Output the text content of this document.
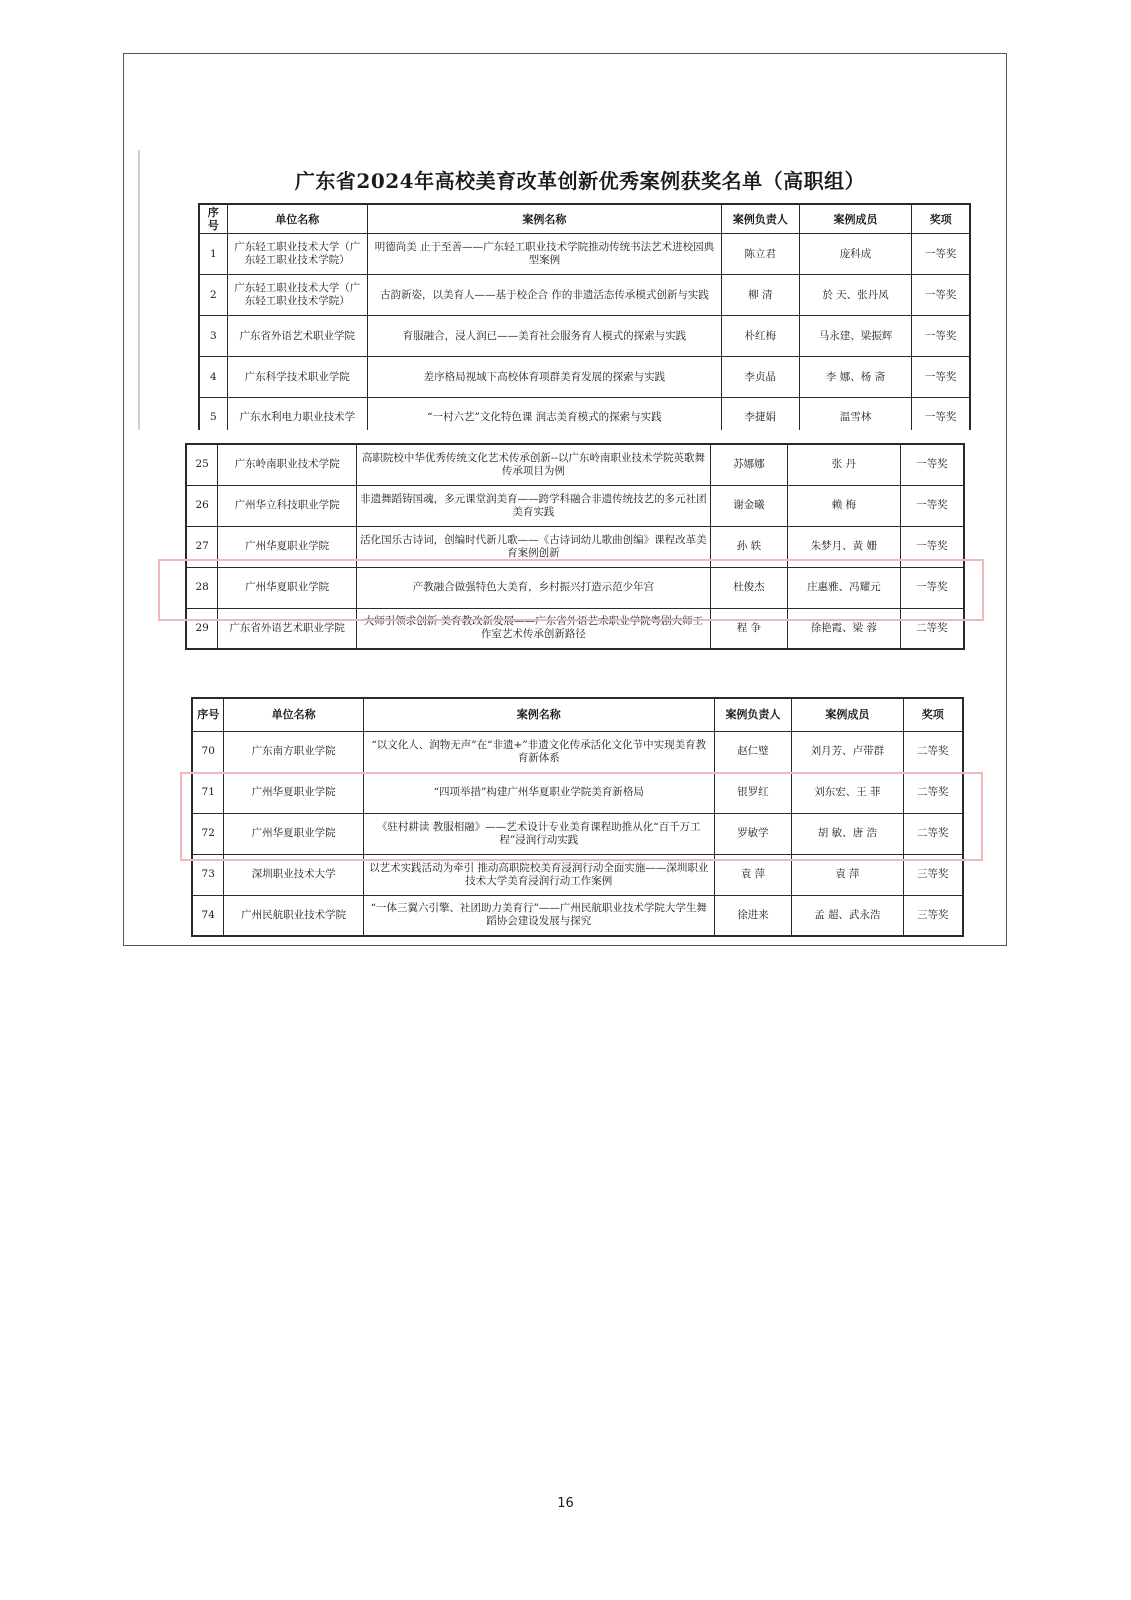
广东省2024年高校美育改革创新优秀案例获奖名单（高职组）
序号	单位名称	案例名称	案例负责人	案例成员	奖项
1	广东轻工职业技术大学（广东轻工职业技术学院）	明德尚美 止于至善——广东轻工职业技术学院推动传统书法艺术进校园典型案例	陈立君	庞科成	一等奖
2	广东轻工职业技术大学（广东轻工职业技术学院）	古韵新姿，以美育人——基于校企合 作的非遗活态传承模式创新与实践	柳 清	於 天、张丹凤	一等奖
3	广东省外语艺术职业学院	育服融合，浸人润已——美育社会服务育人模式的探索与实践	朴红梅	马永建、梁振辉	一等奖
4	广东科学技术职业学院	差序格局视域下高校体育项群美育发展的探索与实践	李贞晶	李 娜、杨 斋	一等奖
5	广东水利电力职业技术学	“一村六艺”文化特色课 润志美育模式的探索与实践	李捷娟	温雪林	一等奖
25	广东岭南职业技术学院	高职院校中华优秀传统文化艺术传承创新--以广东岭南职业技术学院英歌舞传承项目为例	苏娜娜	张 丹	一等奖
26	广州华立科技职业学院	非遗舞蹈铸国魂，多元课堂润美育——跨学科融合非遗传统技艺的多元社团美育实践	谢金曦	赖 梅	一等奖
27	广州华夏职业学院	活化国乐古诗词，创编时代新儿歌——《古诗词幼儿歌曲创编》课程改革美育案例创新	孙 轶	朱梦月、黄 姗	一等奖
28	广州华夏职业学院	产教融合做强特色大美育，乡村振兴打造示范少年宫	杜俊杰	庄惠雅、冯耀元	一等奖
29	广东省外语艺术职业学院	大师引领求创新 美育教改新发展——广东省外语艺术职业学院粤剧大师工作室艺术传承创新路径	程 争	徐艳霞、梁 蓉	二等奖
序号	单位名称	案例名称	案例负责人	案例成员	奖项
70	广东南方职业学院	“以文化人、润物无声”在“非遗+”非遗文化传承活化文化节中实现美育教育新体系	赵仁璧	刘月芳、卢带群	二等奖
71	广州华夏职业学院	“四项举措”构建广州华夏职业学院美育新格局	银罗红	刘东宏、王 菲	二等奖
72	广州华夏职业学院	《驻村耕读 教服相融》——艺术设计专业美育课程助推从化“百千万工程”浸润行动实践	罗敏学	胡 敏、唐 浩	二等奖
73	深圳职业技术大学	以艺术实践活动为牵引 推动高职院校美育浸润行动全面实施——深圳职业技术大学美育浸润行动工作案例	袁 萍	袁 萍	三等奖
74	广州民航职业技术学院	“一体三翼六引擎、社团助力美育行”——广州民航职业技术学院大学生舞蹈协会建设发展与探究	徐进来	孟 超、武永浩	三等奖
16
